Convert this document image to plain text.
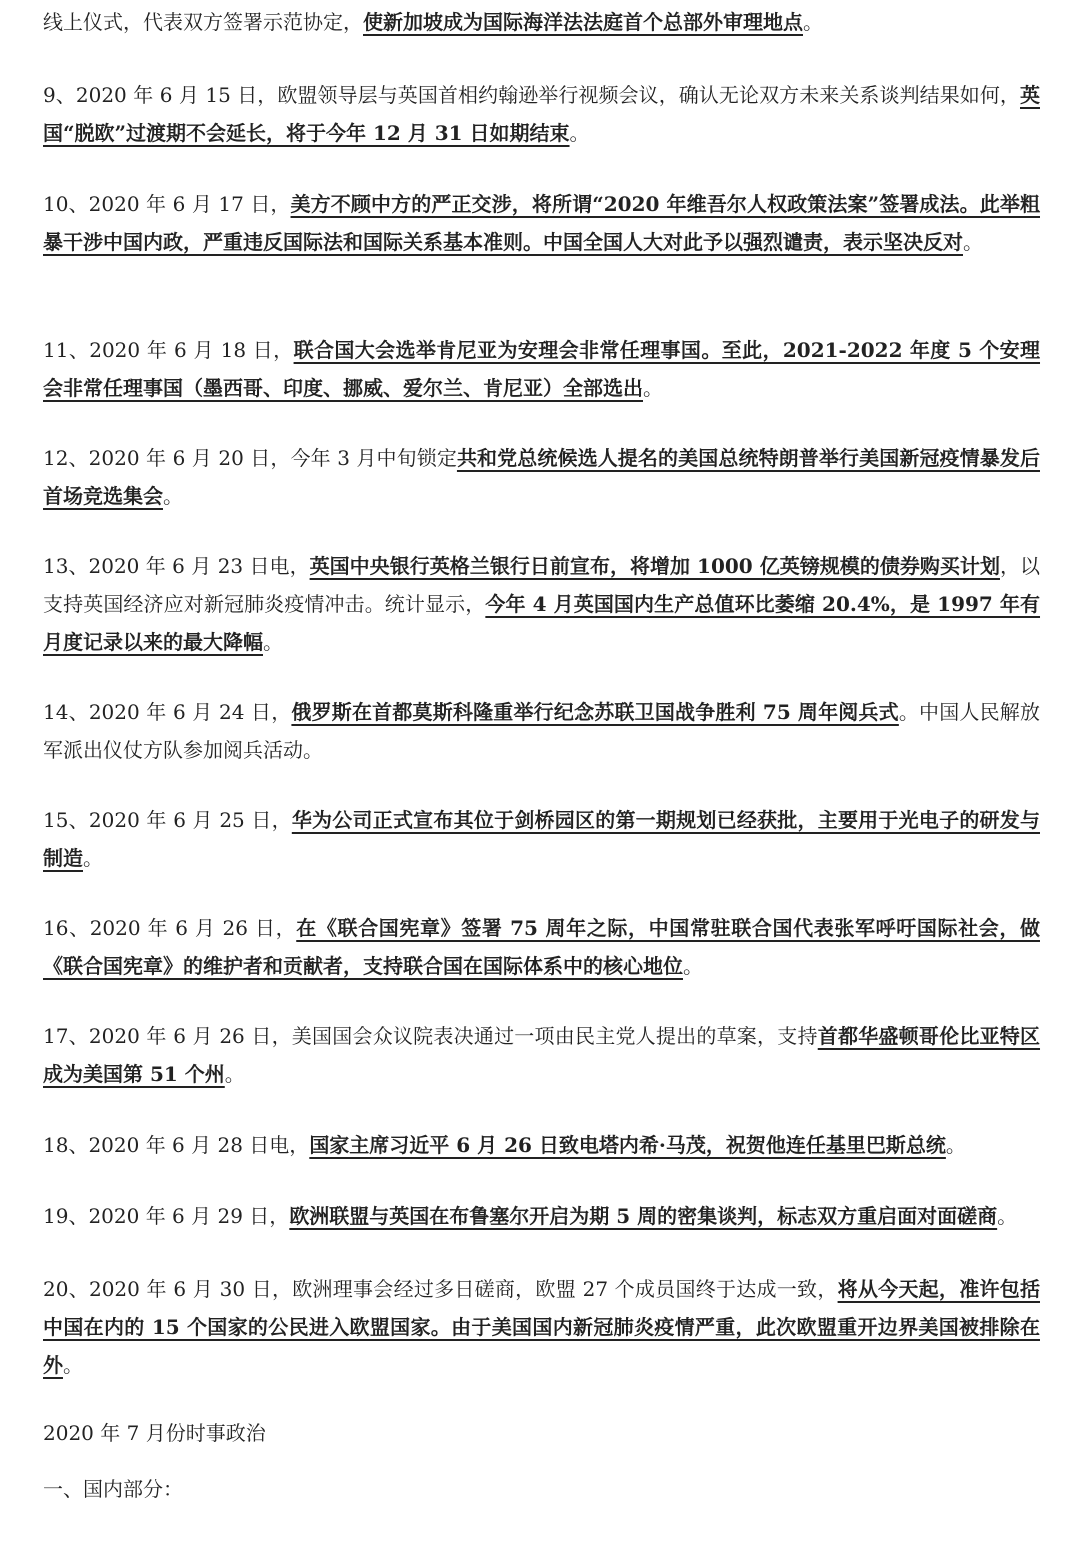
线上仪式，代表双方签署示范协定，使新加坡成为国际海洋法法庭首个总部外审理地点。

9、2020 年 6 月 15 日，欧盟领导层与英国首相约翰逊举行视频会议，确认无论双方未来关系谈判结果如何，英国“脱欧”过渡期不会延长，将于今年 12 月 31 日如期结束。

10、2020 年 6 月 17 日，美方不顾中方的严正交涉，将所谓“2020 年维吾尔人权政策法案”签署成法。此举粗暴干涉中国内政，严重违反国际法和国际关系基本准则。中国全国人大对此予以强烈谴责，表示坚决反对。

11、2020 年 6 月 18 日，联合国大会选举肯尼亚为安理会非常任理事国。至此，2021-2022 年度 5 个安理会非常任理事国（墨西哥、印度、挪威、爱尔兰、肯尼亚）全部选出。

12、2020 年 6 月 20 日，今年 3 月中旬锁定共和党总统候选人提名的美国总统特朗普举行美国新冠疫情暴发后首场竞选集会。

13、2020 年 6 月 23 日电，英国中央银行英格兰银行日前宣布，将增加 1000 亿英镑规模的债券购买计划，以支持英国经济应对新冠肺炎疫情冲击。统计显示，今年 4 月英国国内生产总值环比萎缩 20.4%，是 1997 年有月度记录以来的最大降幅。

14、2020 年 6 月 24 日，俄罗斯在首都莫斯科隆重举行纪念苏联卫国战争胜利 75 周年阅兵式。中国人民解放军派出仪仗方队参加阅兵活动。

15、2020 年 6 月 25 日，华为公司正式宣布其位于剑桥园区的第一期规划已经获批，主要用于光电子的研发与制造。

16、2020 年 6 月 26 日，在《联合国宪章》签署 75 周年之际，中国常驻联合国代表张军呼吁国际社会，做《联合国宪章》的维护者和贡献者，支持联合国在国际体系中的核心地位。

17、2020 年 6 月 26 日，美国国会众议院表决通过一项由民主党人提出的草案，支持首都华盛顿哥伦比亚特区成为美国第 51 个州。

18、2020 年 6 月 28 日电，国家主席习近平 6 月 26 日致电塔内希·马茂，祝贺他连任基里巴斯总统。

19、2020 年 6 月 29 日，欧洲联盟与英国在布鲁塞尔开启为期 5 周的密集谈判，标志双方重启面对面磋商。

20、2020 年 6 月 30 日，欧洲理事会经过多日磋商，欧盟 27 个成员国终于达成一致，将从今天起，准许包括中国在内的 15 个国家的公民进入欧盟国家。由于美国国内新冠肺炎疫情严重，此次欧盟重开边界美国被排除在外。

2020 年 7 月份时事政治

一、国内部分：
